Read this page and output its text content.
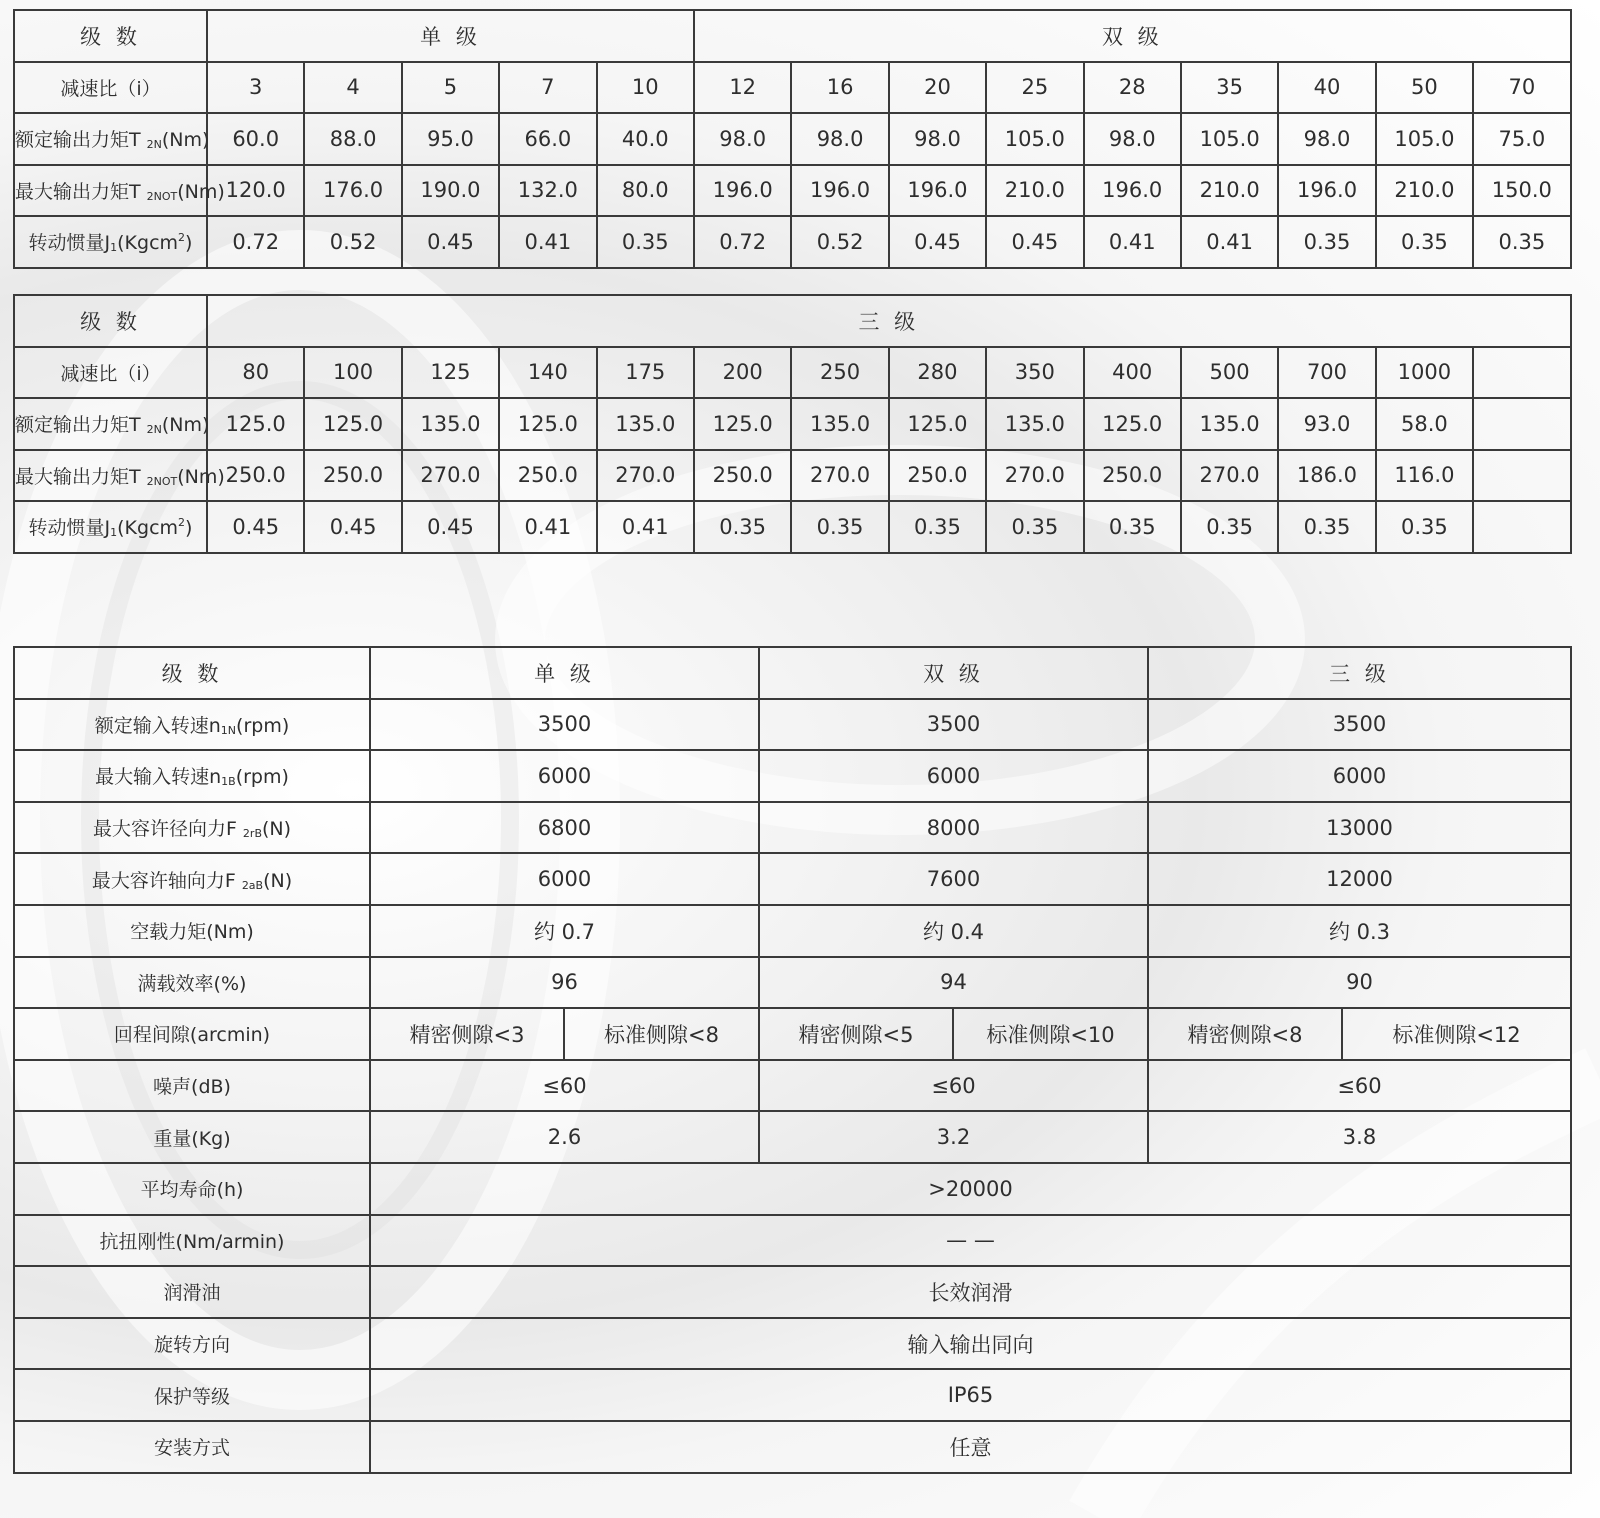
级 数	单 级					双 级								
减速比（i）	3	4	5	7	10	12	16	20	25	28	35	40	50	70
额定输出力矩T 2N(Nm)	60.0	88.0	95.0	66.0	40.0	98.0	98.0	98.0	105.0	98.0	105.0	98.0	105.0	75.0
最大输出力矩T 2NOT(Nm)	120.0	176.0	190.0	132.0	80.0	196.0	196.0	196.0	210.0	196.0	210.0	196.0	210.0	150.0
转动惯量J1(Kgcm$^2$)	0.72	0.52	0.45	0.41	0.35	0.72	0.52	0.45	0.45	0.41	0.41	0.35	0.35	0.35
级 数	三 级													
减速比（i）	80	100	125	140	175	200	250	280	350	400	500	700	1000	
额定输出力矩T 2N(Nm)	125.0	125.0	135.0	125.0	135.0	125.0	135.0	125.0	135.0	125.0	135.0	93.0	58.0	
最大输出力矩T 2NOT(Nm)	250.0	250.0	270.0	250.0	270.0	250.0	270.0	250.0	270.0	250.0	270.0	186.0	116.0	
转动惯量J1(Kgcm$^2$)	0.45	0.45	0.45	0.41	0.41	0.35	0.35	0.35	0.35	0.35	0.35	0.35	0.35	
级 数	单 级		双 级		三 级	
额定输入转速n1N(rpm)	3500		3500		3500	
最大输入转速n1B(rpm)	6000		6000		6000	
最大容许径向力F 2rB(N)	6800		8000		13000	
最大容许轴向力F 2aB(N)	6000		7600		12000	
空载力矩(Nm)	约 0.7		约 0.4		约 0.3	
满载效率(%)	96		94		90	
回程间隙(arcmin)	精密侧隙<3	标准侧隙<8	精密侧隙<5	标准侧隙<10	精密侧隙<8	标准侧隙<12
噪声(dB)	≤60		≤60		≤60	
重量(Kg)	2.6		3.2		3.8	
平均寿命(h)	>20000					
抗扭刚性(Nm/armin)	— —					
润滑油	长效润滑					
旋转方向	输入输出同向					
保护等级	IP65					
安装方式	任意					
